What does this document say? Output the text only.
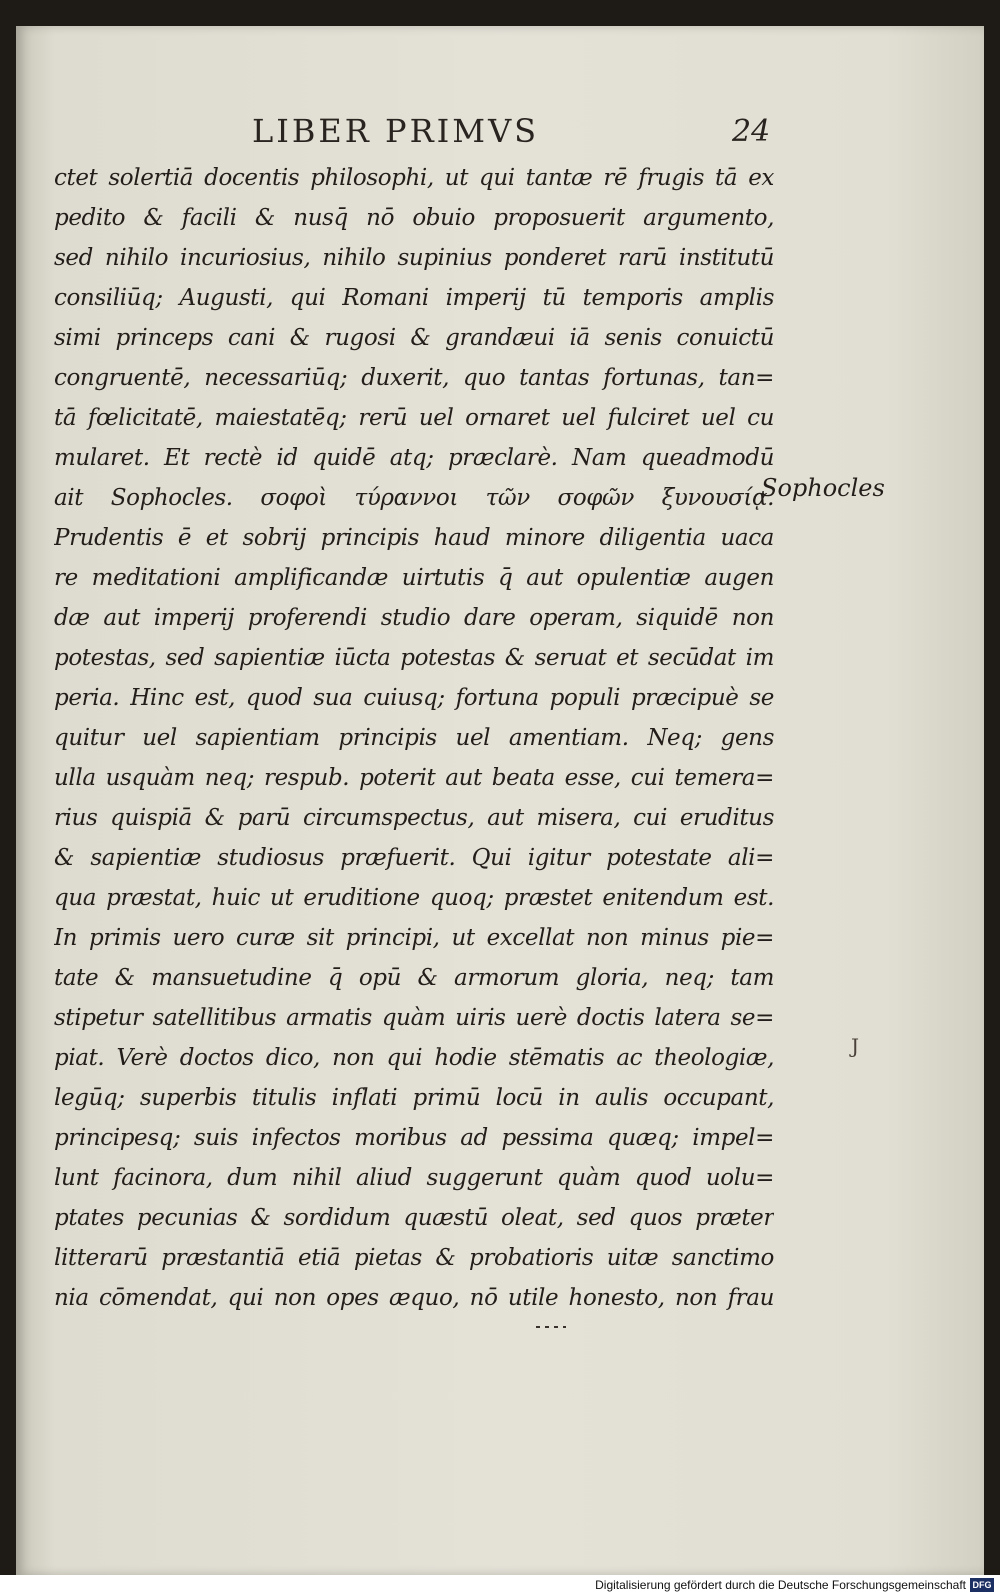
LIBER PRIMVS	24
ctet solertiā docentis philosophi, ut qui tantæ rē frugis tā ex
pedito & facili & nusq̄ nō obuio proposuerit argumento,
sed nihilo incuriosius, nihilo supinius ponderet rarū institutū
consiliūq; Augusti, qui Romani imperij tū temporis amplis
simi princeps cani & rugosi & grandæui iā senis conuictū
congruentē, necessariūq; duxerit, quo tantas fortunas, tan=
tā fœlicitatē, maiestatēq; rerū uel ornaret uel fulciret uel cu
mularet. Et rectè id quidē atq; præclarè. Nam queadmodū
ait Sophocles. σοφοὶ τύραννοι τῶν σοφῶν ξυνουσίᾳ.
Prudentis ē et sobrij principis haud minore diligentia uaca
re meditationi amplificandæ uirtutis q̄ aut opulentiæ augen
dæ aut imperij proferendi studio dare operam, siquidē non
potestas, sed sapientiæ iūcta potestas & seruat et secūdat im
peria. Hinc est, quod sua cuiusq; fortuna populi præcipuè se
quitur uel sapientiam principis uel amentiam. Neq; gens
ulla usquàm neq; respub. poterit aut beata esse, cui temera=
rius quispiā & parū circumspectus, aut misera, cui eruditus
& sapientiæ studiosus præfuerit. Qui igitur potestate ali=
qua præstat, huic ut eruditione quoq; præstet enitendum est.
In primis uero curæ sit principi, ut excellat non minus pie=
tate & mansuetudine q̄ opū & armorum gloria, neq; tam
stipetur satellitibus armatis quàm uiris uerè doctis latera se=
piat. Verè doctos dico, non qui hodie stēmatis ac theologiæ,
legūq; superbis titulis inflati primū locū in aulis occupant,
principesq; suis infectos moribus ad pessima quæq; impel=
lunt facinora, dum nihil aliud suggerunt quàm quod uolu=
ptates pecunias & sordidum quæstū oleat, sed quos præter
litterarū præstantiā etiā pietas & probatioris uitæ sanctimo
nia cōmendat, qui non opes æquo, nō utile honesto, non frau
Sophocles
J
Digitalisierung gefördert durch die Deutsche Forschungsgemeinschaft DFG
